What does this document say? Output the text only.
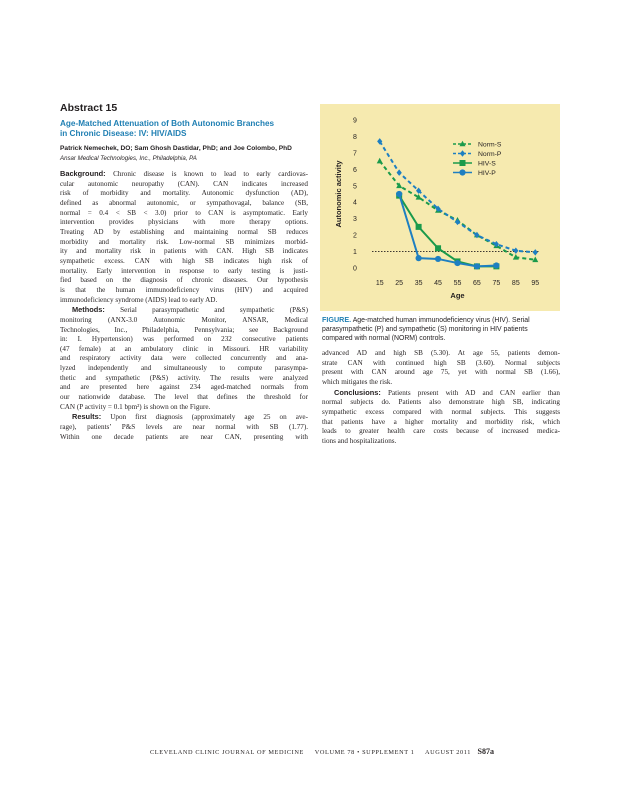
Abstract 15
Age-Matched Attenuation of Both Autonomic Branches
in Chronic Disease: IV: HIV/AIDS
Patrick Nemechek, DO; Sam Ghosh Dastidar, PhD; and Joe Colombo, PhD
Ansar Medical Technologies, Inc., Philadelphia, PA
Background: Chronic disease is known to lead to early cardiovas-
cular autonomic neuropathy (CAN). CAN indicates increased
risk of morbidity and mortality. Autonomic dysfunction (AD),
defined as abnormal autonomic, or sympathovagal, balance (SB,
normal = 0.4 < SB < 3.0) prior to CAN is asymptomatic. Early
intervention provides physicians with more therapy options.
Treating AD by establishing and maintaining normal SB reduces
morbidity and mortality risk. Low-normal SB minimizes morbid-
ity and mortality risk in patients with CAN. High SB indicates
sympathetic excess. CAN with high SB indicates high risk of
mortality. Early intervention in response to early testing is justi-
fied based on the diagnosis of chronic diseases. Our hypothesis
is that the human immunodeficiency virus (HIV) and acquired
immunodeficiency syndrome (AIDS) lead to early AD.
Methods: Serial parasympathetic and sympathetic (P&S)
monitoring (ANX-3.0 Autonomic Monitor, ANSAR, Medical
Technologies, Inc., Philadelphia, Pennsylvania; see Background
in: I. Hypertension) was performed on 232 consecutive patients
(47 female) at an ambulatory clinic in Missouri. HR variability
and respiratory activity data were collected concurrently and ana-
lyzed independently and simultaneously to compute parasympa-
thetic and sympathetic (P&S) activity. The results were analyzed
and are presented here against 234 aged-matched normals from
our nationwide database. The level that defines the threshold for
CAN (P activity = 0.1 bpm²) is shown on the Figure.
Results: Upon first diagnosis (approximately age 25 on ave-
rage), patients’ P&S levels are near normal with SB (1.77).
Within one decade patients are near CAN, presenting with
0
1
2
3
4
5
6
7
8
9
15 25 35 45 55 65 75 85 95
Age
Autonomic activity
Norm-S
Norm-P
HIV-S
HIV-P
FIGURE. Age-matched human immunodeficiency virus (HIV). Serial
parasympathetic (P) and sympathetic (S) monitoring in HIV patients
compared with normal (NORM) controls.
advanced AD and high SB (5.30). At age 55, patients demon-
strate CAN with continued high SB (3.60). Normal subjects
present with CAN around age 75, yet with normal SB (1.66),
which mitigates the risk.
Conclusions: Patients present with AD and CAN earlier than
normal subjects do. Patients also demonstrate high SB, indicating
sympathetic excess compared with normal subjects. This suggests
that patients have a higher mortality and morbidity risk, which
leads to greater health care costs because of increased medica-
tions and hospitalizations.
CLEVELAND CLINIC JOURNAL OF MEDICINE VOLUME 78 • SUPPLEMENT 1 AUGUST 2011 S87a
